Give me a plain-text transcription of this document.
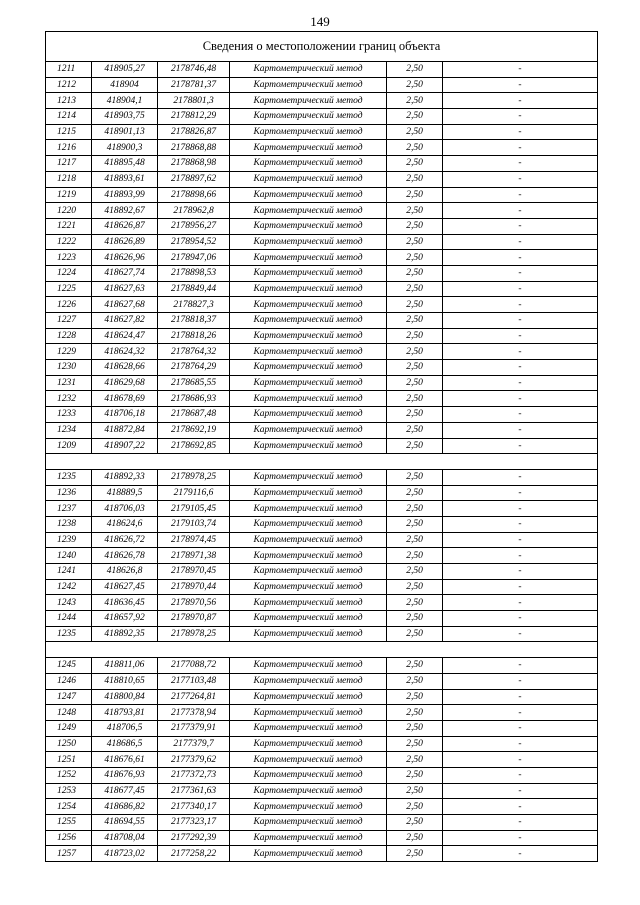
149
Сведения о местоположении границ объекта					
1211	418905,27	2178746,48	Картометрический метод	2,50	-
1212	418904	2178781,37	Картометрический метод	2,50	-
1213	418904,1	2178801,3	Картометрический метод	2,50	-
1214	418903,75	2178812,29	Картометрический метод	2,50	-
1215	418901,13	2178826,87	Картометрический метод	2,50	-
1216	418900,3	2178868,88	Картометрический метод	2,50	-
1217	418895,48	2178868,98	Картометрический метод	2,50	-
1218	418893,61	2178897,62	Картометрический метод	2,50	-
1219	418893,99	2178898,66	Картометрический метод	2,50	-
1220	418892,67	2178962,8	Картометрический метод	2,50	-
1221	418626,87	2178956,27	Картометрический метод	2,50	-
1222	418626,89	2178954,52	Картометрический метод	2,50	-
1223	418626,96	2178947,06	Картометрический метод	2,50	-
1224	418627,74	2178898,53	Картометрический метод	2,50	-
1225	418627,63	2178849,44	Картометрический метод	2,50	-
1226	418627,68	2178827,3	Картометрический метод	2,50	-
1227	418627,82	2178818,37	Картометрический метод	2,50	-
1228	418624,47	2178818,26	Картометрический метод	2,50	-
1229	418624,32	2178764,32	Картометрический метод	2,50	-
1230	418628,66	2178764,29	Картометрический метод	2,50	-
1231	418629,68	2178685,55	Картометрический метод	2,50	-
1232	418678,69	2178686,93	Картометрический метод	2,50	-
1233	418706,18	2178687,48	Картометрический метод	2,50	-
1234	418872,84	2178692,19	Картометрический метод	2,50	-
1209	418907,22	2178692,85	Картометрический метод	2,50	-

1235	418892,33	2178978,25	Картометрический метод	2,50	-
1236	418889,5	2179116,6	Картометрический метод	2,50	-
1237	418706,03	2179105,45	Картометрический метод	2,50	-
1238	418624,6	2179103,74	Картометрический метод	2,50	-
1239	418626,72	2178974,45	Картометрический метод	2,50	-
1240	418626,78	2178971,38	Картометрический метод	2,50	-
1241	418626,8	2178970,45	Картометрический метод	2,50	-
1242	418627,45	2178970,44	Картометрический метод	2,50	-
1243	418636,45	2178970,56	Картометрический метод	2,50	-
1244	418657,92	2178970,87	Картометрический метод	2,50	-
1235	418892,35	2178978,25	Картометрический метод	2,50	-

1245	418811,06	2177088,72	Картометрический метод	2,50	-
1246	418810,65	2177103,48	Картометрический метод	2,50	-
1247	418800,84	2177264,81	Картометрический метод	2,50	-
1248	418793,81	2177378,94	Картометрический метод	2,50	-
1249	418706,5	2177379,91	Картометрический метод	2,50	-
1250	418686,5	2177379,7	Картометрический метод	2,50	-
1251	418676,61	2177379,62	Картометрический метод	2,50	-
1252	418676,93	2177372,73	Картометрический метод	2,50	-
1253	418677,45	2177361,63	Картометрический метод	2,50	-
1254	418686,82	2177340,17	Картометрический метод	2,50	-
1255	418694,55	2177323,17	Картометрический метод	2,50	-
1256	418708,04	2177292,39	Картометрический метод	2,50	-
1257	418723,02	2177258,22	Картометрический метод	2,50	-
